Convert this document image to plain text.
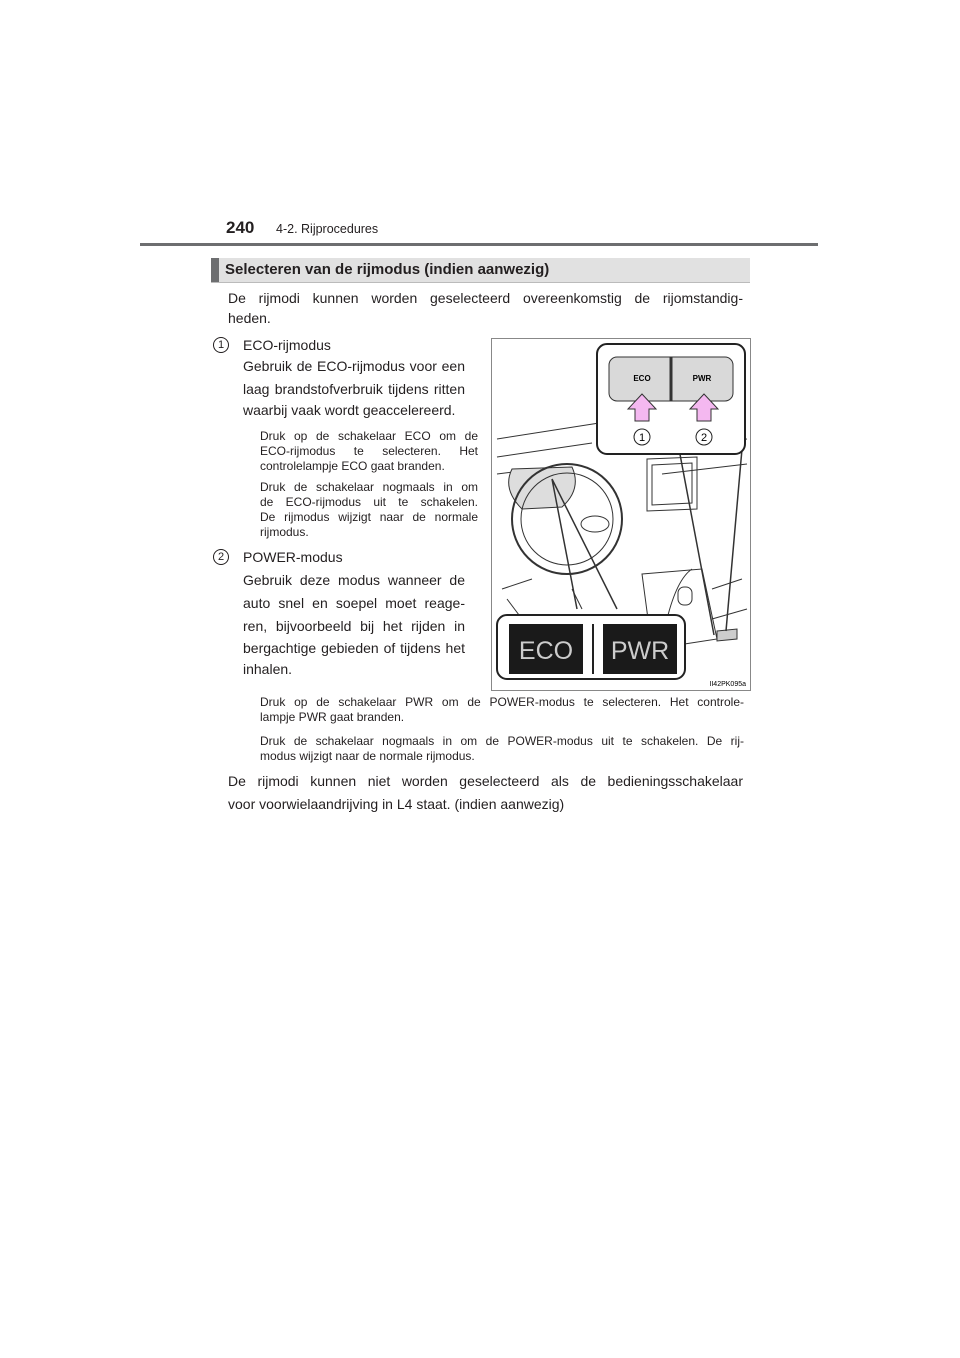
240 4-2. Rijprocedures
Selecteren van de rijmodus (indien aanwezig)
De rijmodi kunnen worden geselecteerd overeenkomstig de rijomstandig-
heden.
1	ECO-rijmodus
Gebruik de ECO-rijmodus voor een
laag brandstofverbruik tijdens ritten
waarbij vaak wordt geaccelereerd.
Druk op de schakelaar ECO om de
ECO-rijmodus te selecteren. Het
controlelampje ECO gaat branden.
Druk de schakelaar nogmaals in om
de ECO-rijmodus uit te schakelen.
De rijmodus wijzigt naar de normale
rijmodus.
2	POWER-modus
Gebruik deze modus wanneer de
auto snel en soepel moet reage-
ren, bijvoorbeeld bij het rijden in
bergachtige gebieden of tijdens het
inhalen.
Druk op de schakelaar PWR om de POWER-modus te selecteren. Het controle-
lampje PWR gaat branden.
Druk de schakelaar nogmaals in om de POWER-modus uit te schakelen. De rij-
modus wijzigt naar de normale rijmodus.
De rijmodi kunnen niet worden geselecteerd als de bedieningsschakelaar
voor voorwielaandrijving in L4 staat. (indien aanwezig)
ECO	PWR
1	2
ECO PWR
II42PK095a
